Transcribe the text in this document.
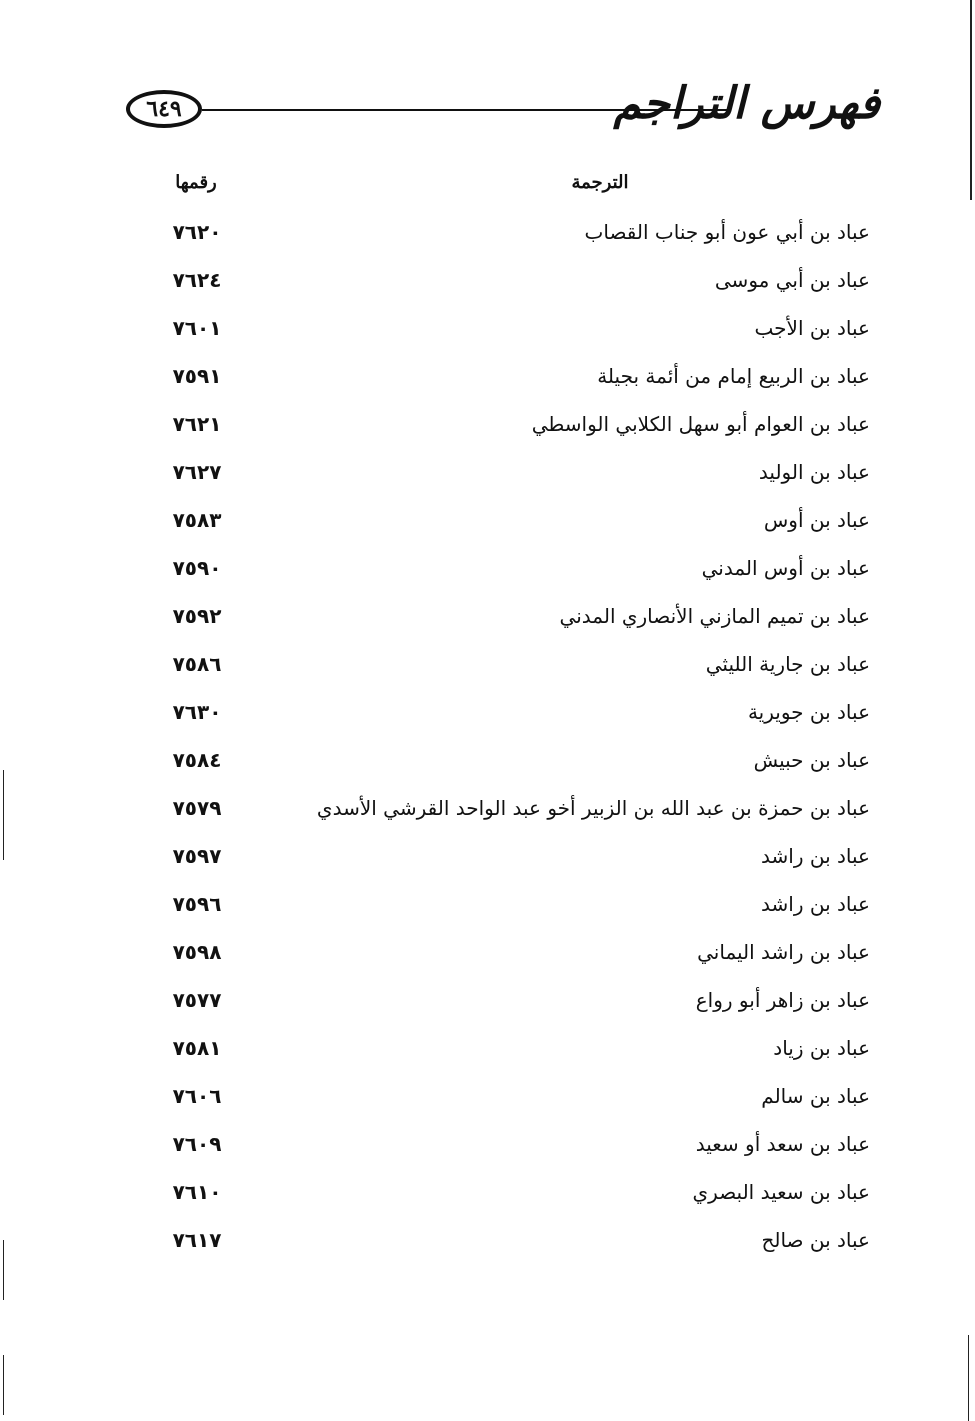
٦٤٩	فهرس التراجم
الترجمة
رقمها
عباد بن أبي عون أبو جناب القصاب
٧٦٢٠
عباد بن أبي موسى
٧٦٢٤
عباد بن الأجب
٧٦٠١
عباد بن الربيع إمام من أئمة بجيلة
٧٥٩١
عباد بن العوام أبو سهل الكلابي الواسطي
٧٦٢١
عباد بن الوليد
٧٦٢٧
عباد بن أوس
٧٥٨٣
عباد بن أوس المدني
٧٥٩٠
عباد بن تميم المازني الأنصاري المدني
٧٥٩٢
عباد بن جارية الليثي
٧٥٨٦
عباد بن جويرية
٧٦٣٠
عباد بن حبيش
٧٥٨٤
عباد بن حمزة بن عبد الله بن الزبير أخو عبد الواحد القرشي الأسدي
٧٥٧٩
عباد بن راشد
٧٥٩٧
عباد بن راشد
٧٥٩٦
عباد بن راشد اليماني
٧٥٩٨
عباد بن زاهر أبو رواع
٧٥٧٧
عباد بن زياد
٧٥٨١
عباد بن سالم
٧٦٠٦
عباد بن سعد أو سعيد
٧٦٠٩
عباد بن سعيد البصري
٧٦١٠
عباد بن صالح
٧٦١٧
